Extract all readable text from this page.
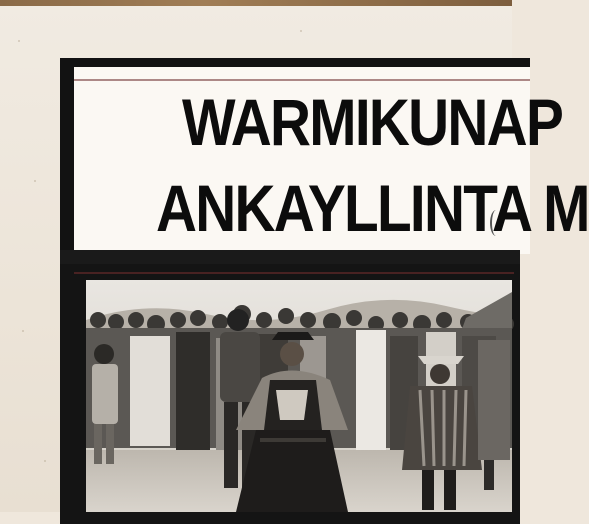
WARMIKUNAP
ANKAYLLINTA M
